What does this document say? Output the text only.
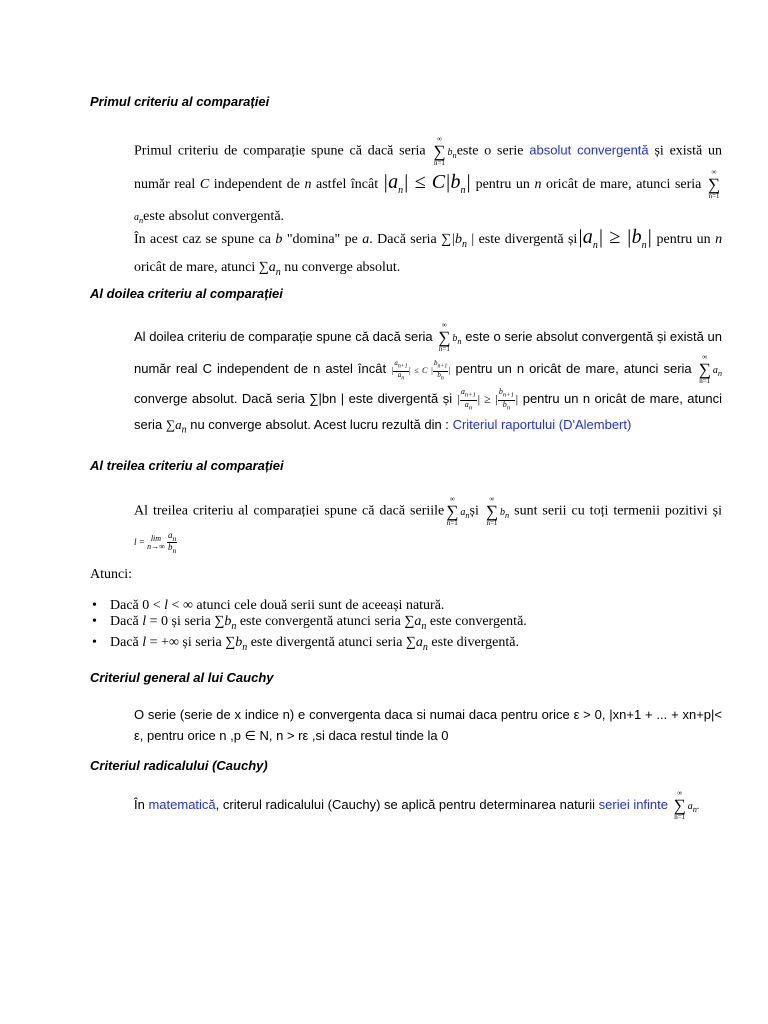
Primul criteriu al comparației
Primul criteriu de comparație spune că dacă seria
∞
∑
n=1
$b_neste$ o serie absolut convergentă și există un număr real C independent de n astfel încât $|a_n| \le C|b_n|$ pentru un n oricât de mare, atunci seria
∞
∑
n=1
$a_neste$ absolut convergentă.
În acest caz se spune ca b "domina" pe a. Dacă seria $\sum|b_n$ | este divergentă $și|a_n| \ge |b_n|$ pentru un n oricât de mare, atunci $\sum a_n$ nu converge absolut.
Al doilea criteriu al comparației
Al doilea criteriu de comparație spune că dacă seria
∞
∑
n=1
$b_n$ este o serie absolut convergentă și există un număr real C independent de n astel încât | $\frac{a_{n+1}}{a_n}$ | ≤ C | $\frac{b_{n+1}}{b_n}$ | pentru un n oricât de mare, atunci seria
∞
∑
n=1
$a_n$ converge absolut. Dacă seria ∑|bn | este divergentă și | $\frac{a_{n+1}}{a_n}$ | ≥ | $\frac{b_{n+1}}{b_n}$ | pentru un n oricât de mare, atunci seria $\sum a_n$ nu converge absolut. Acest lucru rezultă din : Criteriul raportului (D'Alembert)
Al treilea criteriu al comparației
Al treilea criteriu al comparației spune că dacă seriile
∞
∑
n=1
$a_nși$
∞
∑
n=1
$b_n$ sunt serii cu toți termenii pozitivi și l = lim
n→∞
$\frac{a_n}{b_n}$
Atunci:
• Dacă 0 < l < ∞ atunci cele două serii sunt de aceeași natură.
• Dacă l = 0 și seria $\sum b_n$ este convergentă atunci seria $\sum a_n$ este convergentă.
• Dacă l = +∞ și seria $\sum b_n$ este divergentă atunci seria $\sum a_n$ este divergentă.
Criteriul general al lui Cauchy
O serie (serie de x indice n) e convergenta daca si numai daca pentru orice ε > 0, |xn+1 + ... + xn+p|< ε, pentru orice n ,p ∈ N, n > rε ,si daca restul tinde la 0
Criteriul radicalului (Cauchy)
În matematică, criterul radicalului (Cauchy) se aplică pentru determinarea naturii seriei infinte
∞
∑
n=1
$a_n$.
